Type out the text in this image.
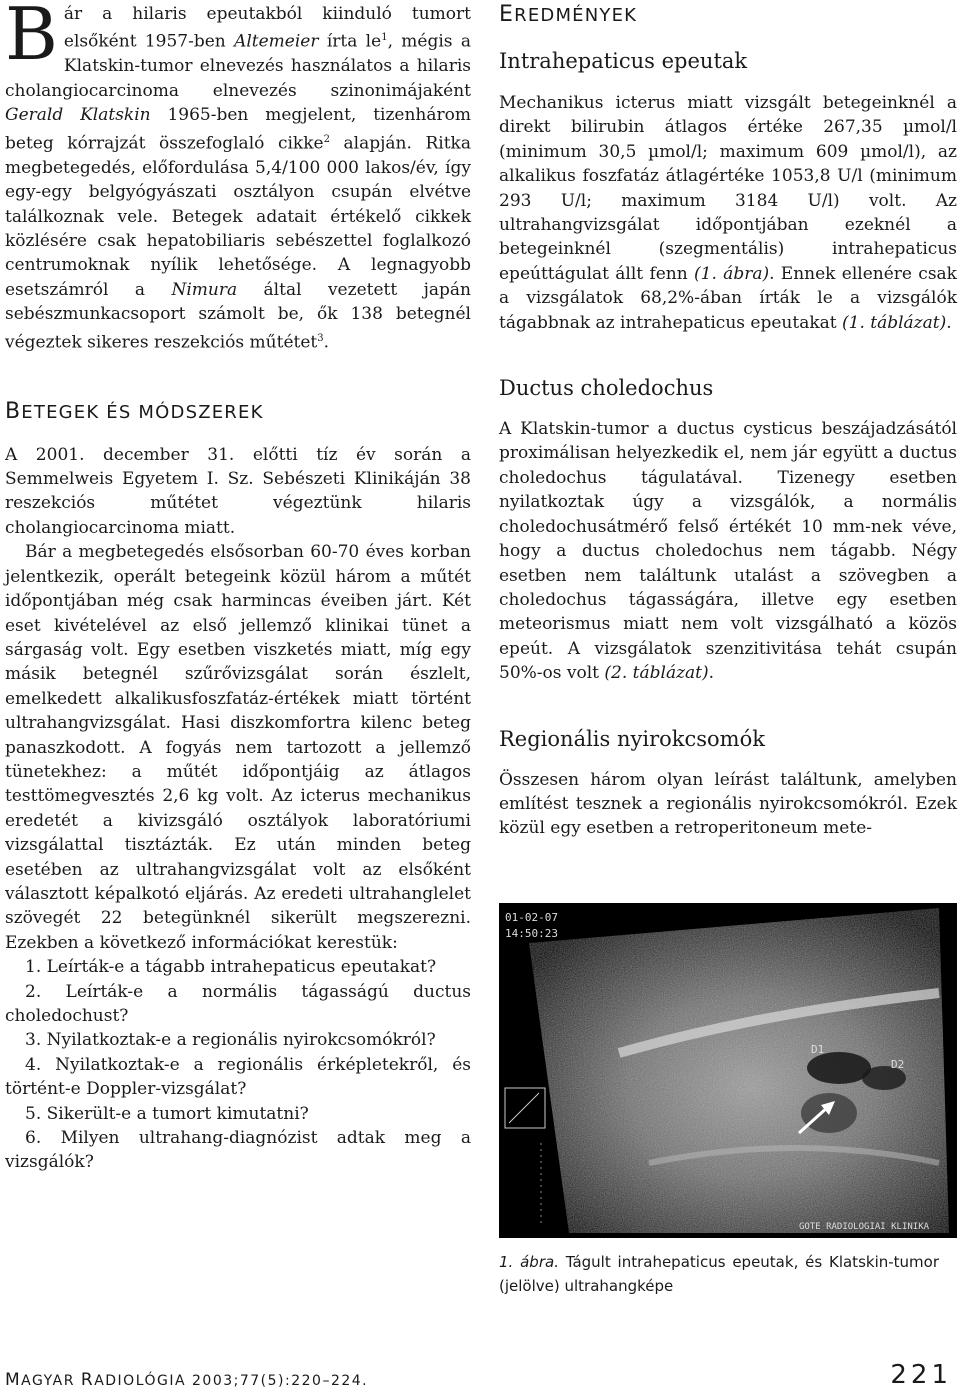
Bár a hilaris epeutakból kiinduló tumort elsőként 1957-ben Altemeier írta $le^1$, mégis a Klatskin-tumor elnevezés használatos a hilaris cholangiocarcinoma elnevezés szinonimájaként Gerald Klatskin 1965-ben megjelent, tizenhárom beteg kórrajzát összefoglaló cikke$^2$ alapján. Ritka megbetegedés, előfordulása 5,4/100 000 lakos/év, így egy-egy belgyógyászati osztályon csupán elvétve találkoznak vele. Betegek adatait értékelő cikkek közlésére csak hepatobiliaris sebészettel foglalkozó centrumoknak nyílik lehetősége. A legnagyobb esetszámról a Nimura által vezetett japán sebészmunkacsoport számolt be, ők 138 betegnél végeztek sikeres reszekciós műtétet$^3$.

BETEGEK ÉS MÓDSZEREK

A 2001. december 31. előtti tíz év során a Semmelweis Egyetem I. Sz. Sebészeti Klinikáján 38 reszekciós műtétet végeztünk hilaris cholangiocarcinoma miatt.

Bár a megbetegedés elsősorban 60-70 éves korban jelentkezik, operált betegeink közül három a műtét időpontjában még csak harmincas éveiben járt. Két eset kivételével az első jellemző klinikai tünet a sárgaság volt. Egy esetben viszketés miatt, míg egy másik betegnél szűrővizsgálat során észlelt, emelkedett alkalikusfoszfatáz-értékek miatt történt ultrahangvizsgálat. Hasi diszkomfortra kilenc beteg panaszkodott. A fogyás nem tartozott a jellemző tünetekhez: a műtét időpontjáig az átlagos testtömegvesztés 2,6 kg volt. Az icterus mechanikus eredetét a kivizsgáló osztályok laboratóriumi vizsgálattal tisztázták. Ez után minden beteg esetében az ultrahangvizsgálat volt az elsőként választott képalkotó eljárás. Az eredeti ultrahanglelet szövegét 22 betegünknél sikerült megszerezni. Ezekben a következő információkat kerestük:

1. Leírták-e a tágabb intrahepaticus epeutakat?
2. Leírták-e a normális tágasságú ductus choledochust?
3. Nyilatkoztak-e a regionális nyirokcsomókról?
4. Nyilatkoztak-e a regionális érképletekről, és történt-e Doppler-vizsgálat?
5. Sikerült-e a tumort kimutatni?
6. Milyen ultrahang-diagnózist adtak meg a vizsgálók?
EREDMÉNYEK
Intrahepaticus epeutak

Mechanikus icterus miatt vizsgált betegeinknél a direkt bilirubin átlagos értéke 267,35 µmol/l (minimum 30,5 µmol/l; maximum 609 µmol/l), az alkalikus foszfatáz átlagértéke 1053,8 U/l (minimum 293 U/l; maximum 3184 U/l) volt. Az ultrahangvizsgálat időpontjában ezeknél a betegeinknél (szegmentális) intrahepaticus epeúttágulat állt fenn (1. ábra). Ennek ellenére csak a vizsgálatok 68,2%-ában írták le a vizsgálók tágabbnak az intrahepaticus epeutakat (1. táblázat).

Ductus choledochus

A Klatskin-tumor a ductus cysticus beszájadzásától proximálisan helyezkedik el, nem jár együtt a ductus choledochus tágulatával. Tizenegy esetben nyilatkoztak úgy a vizsgálók, a normális choledochusátmérő felső értékét 10 mm-nek véve, hogy a ductus choledochus nem tágabb. Négy esetben nem találtunk utalást a szövegben a choledochus tágasságára, illetve egy esetben meteorismus miatt nem volt vizsgálható a közös epeút. A vizsgálatok szenzitivitása tehát csupán 50%-os volt (2. táblázat).

Regionális nyirokcsomók

Összesen három olyan leírást találtunk, amelyben említést tesznek a regionális nyirokcsomókról. Ezek közül egy esetben a retroperitoneum mete-

01-02-07
14:50:23
D1
D2
GOTE RADIOLOGIAI KLINIKA

1. ábra. Tágult intrahepaticus epeutak, és Klatskin-tumor (jelölve) ultrahangképe

MAGYAR RADIOLÓGIA 2003;77(5):220–224.	221
